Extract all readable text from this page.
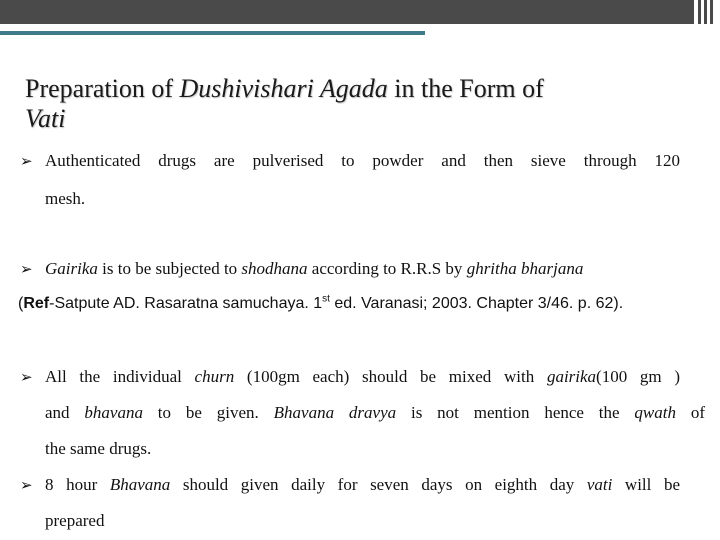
Preparation of Dushivishari Agada in the Form of
Vati
➢ Authenticated drugs are pulverised to powder and then sieve through 120
mesh.
➢ Gairika is to be subjected to shodhana according to R.R.S by ghritha bharjana
(Ref-Satpute AD. Rasaratna samuchaya. 1st ed. Varanasi; 2003. Chapter 3/46. p. 62).
➢ All the individual churn (100gm each) should be mixed with gairika(100 gm )
and bhavana to be given. Bhavana dravya is not mention hence the qwath of
the same drugs.
➢ 8 hour Bhavana should given daily for seven days on eighth day vati will be
prepared
